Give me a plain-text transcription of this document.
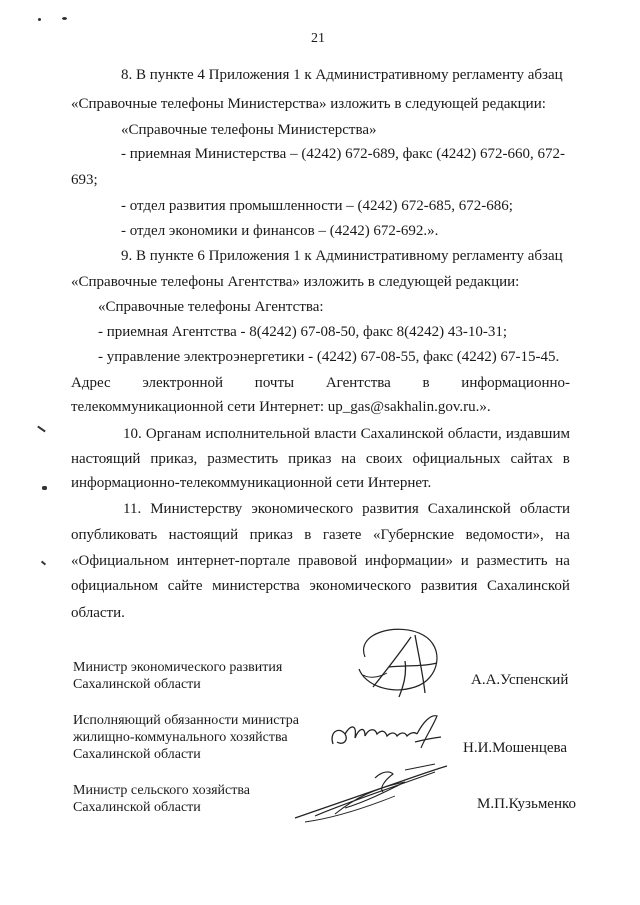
21
8. В пункте 4 Приложения 1 к Административному регламенту абзац
«Справочные телефоны Министерства» изложить в следующей редакции:
«Справочные телефоны Министерства»
- приемная Министерства – (4242) 672-689, факс (4242) 672-660, 672-
693;
- отдел развития промышленности – (4242) 672-685, 672-686;
- отдел экономики и финансов – (4242) 672-692.».
9. В пункте 6 Приложения 1 к Административному регламенту абзац
«Справочные телефоны Агентства» изложить в следующей редакции:
«Справочные телефоны Агентства:
- приемная Агентства - 8(4242) 67-08-50, факс 8(4242) 43-10-31;
- управление электроэнергетики - (4242) 67-08-55, факс (4242) 67-15-45.
Адрес электронной почты Агентства в информационно-
телекоммуникационной сети Интернет: up_gas@sakhalin.gov.ru.».
10. Органам исполнительной власти Сахалинской области, издавшим
настоящий приказ, разместить приказ на своих официальных сайтах в
информационно-телекоммуникационной сети Интернет.
11. Министерству экономического развития Сахалинской области
опубликовать настоящий приказ в газете «Губернские ведомости», на
«Официальном интернет-портале правовой информации» и разместить на
официальном сайте министерства экономического развития Сахалинской
области.
Министр экономического развития
Сахалинской области	А.А.Успенский
Исполняющий обязанности министра
жилищно-коммунального хозяйства
Сахалинской области	Н.И.Мошенцева
Министр сельского хозяйства
Сахалинской области	М.П.Кузьменко
